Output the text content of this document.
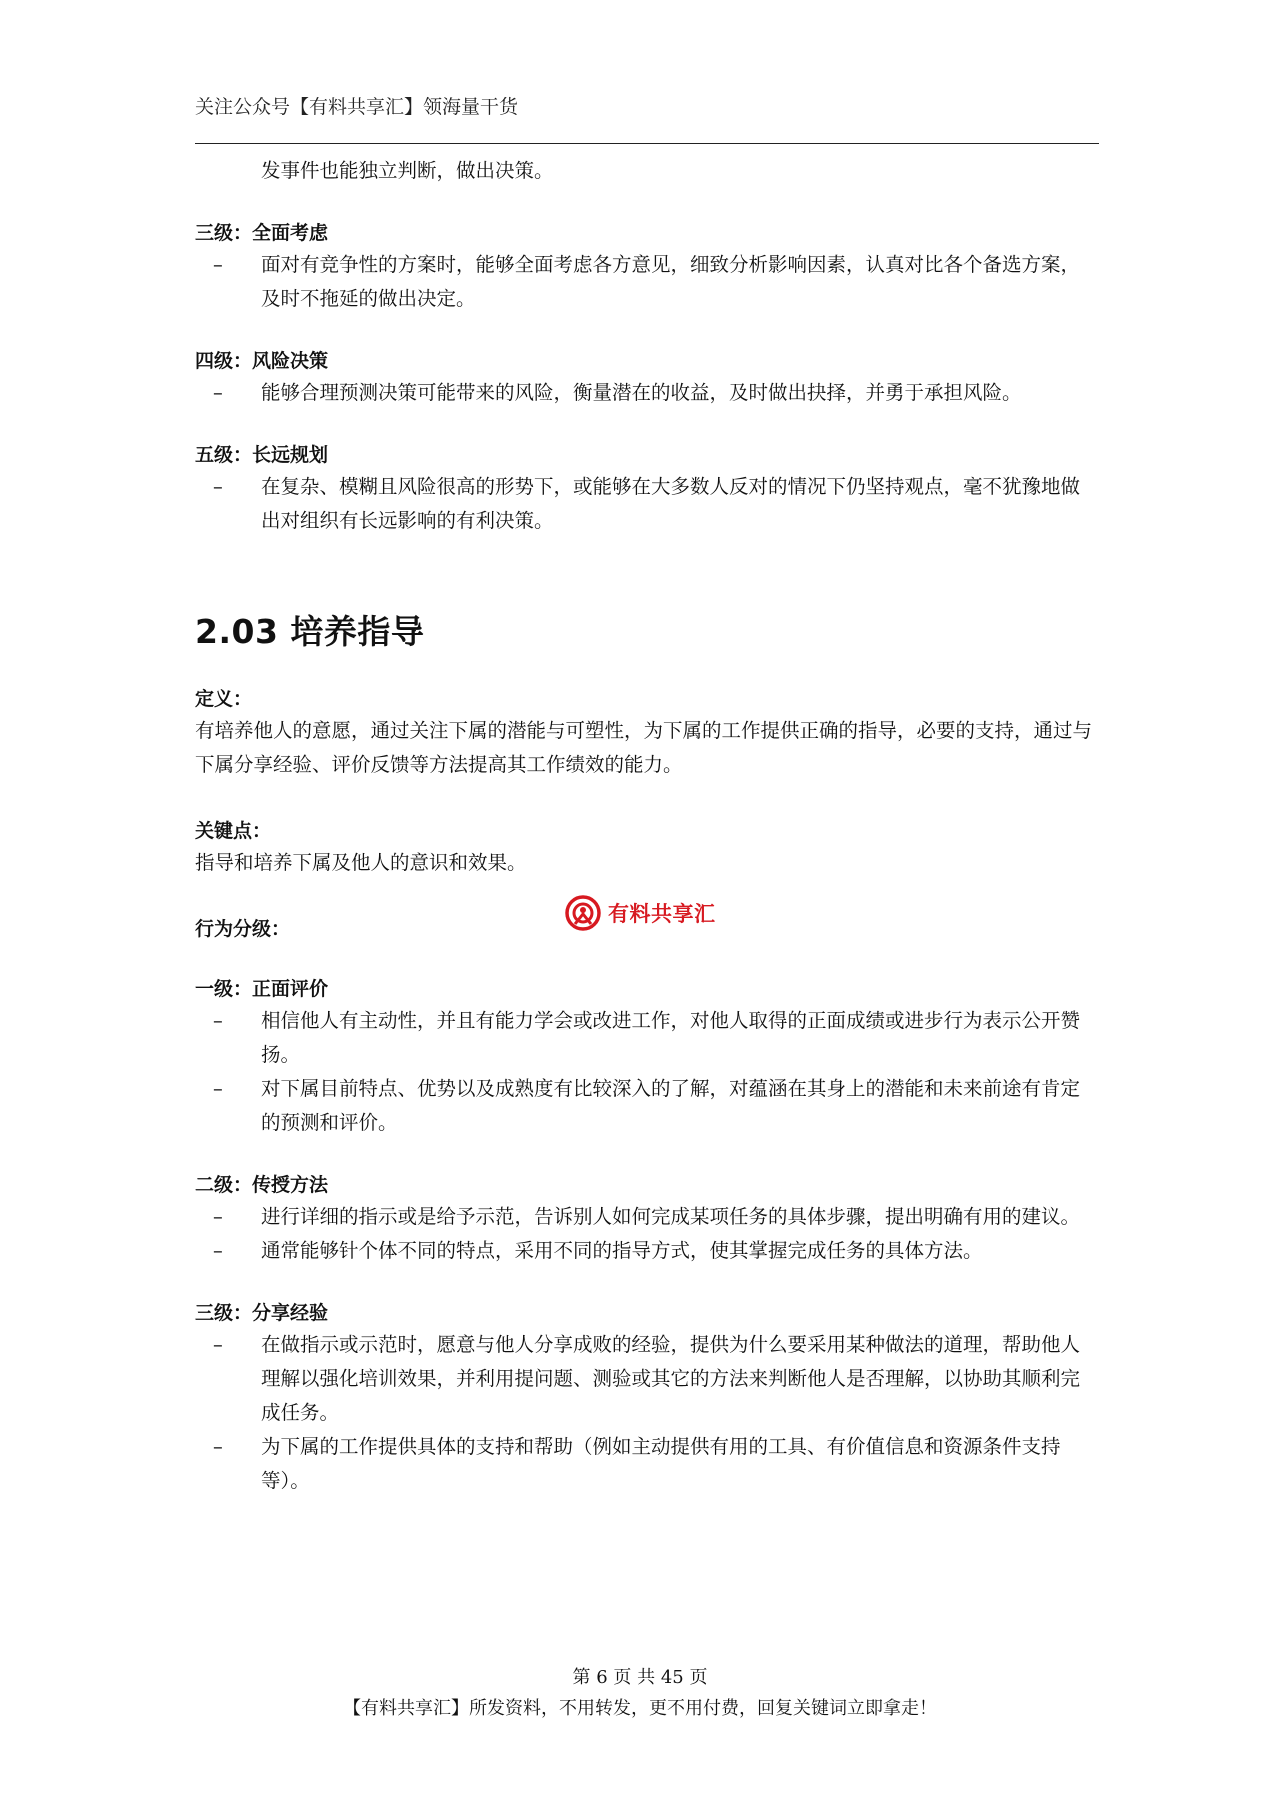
关注公众号【有料共享汇】领海量干货
发事件也能独立判断，做出决策。
三级：全面考虑
–	面对有竞争性的方案时，能够全面考虑各方意见，细致分析影响因素，认真对比各个备选方案，及时不拖延的做出决定。
四级：风险决策
–	能够合理预测决策可能带来的风险，衡量潜在的收益，及时做出抉择，并勇于承担风险。
五级：长远规划
–	在复杂、模糊且风险很高的形势下，或能够在大多数人反对的情况下仍坚持观点，毫不犹豫地做出对组织有长远影响的有利决策。
2.03 培养指导
定义：
有培养他人的意愿，通过关注下属的潜能与可塑性，为下属的工作提供正确的指导，必要的支持，通过与下属分享经验、评价反馈等方法提高其工作绩效的能力。
关键点：
指导和培养下属及他人的意识和效果。
行为分级：
一级：正面评价
–	相信他人有主动性，并且有能力学会或改进工作，对他人取得的正面成绩或进步行为表示公开赞扬。
–	对下属目前特点、优势以及成熟度有比较深入的了解，对蕴涵在其身上的潜能和未来前途有肯定的预测和评价。
二级：传授方法
–	进行详细的指示或是给予示范，告诉别人如何完成某项任务的具体步骤，提出明确有用的建议。
–	通常能够针个体不同的特点，采用不同的指导方式，使其掌握完成任务的具体方法。
三级：分享经验
–	在做指示或示范时，愿意与他人分享成败的经验，提供为什么要采用某种做法的道理，帮助他人理解以强化培训效果，并利用提问题、测验或其它的方法来判断他人是否理解，以协助其顺利完成任务。
–	为下属的工作提供具体的支持和帮助（例如主动提供有用的工具、有价值信息和资源条件支持等）。
有料共享汇
第 6 页 共 45 页
【有料共享汇】所发资料，不用转发，更不用付费，回复关键词立即拿走！
